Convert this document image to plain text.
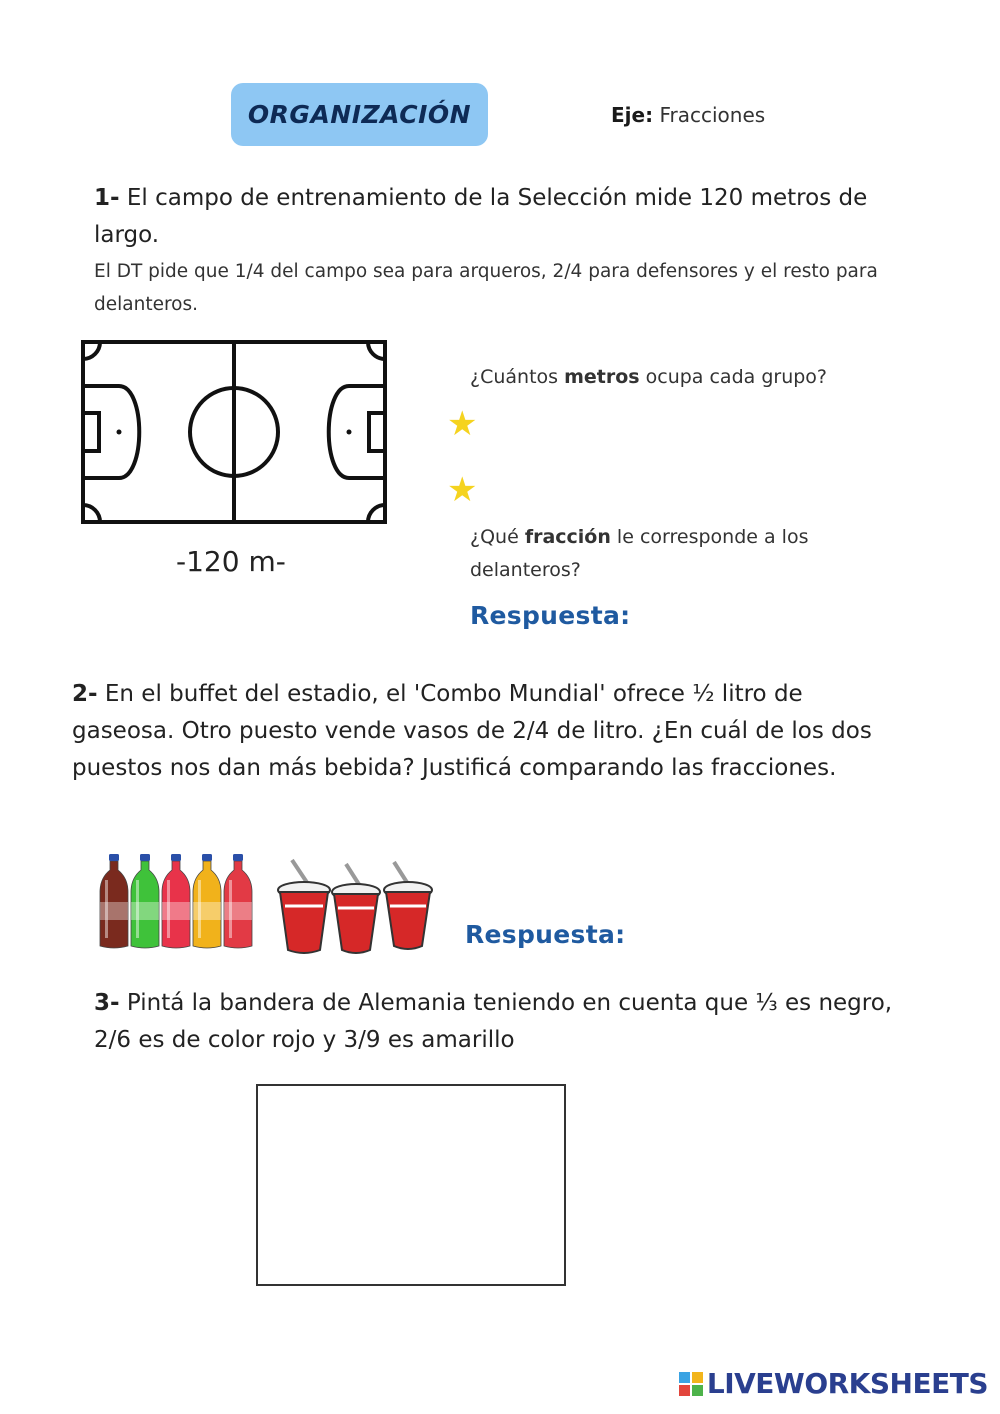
ORGANIZACIÓN	Eje: Fracciones
1- El campo de entrenamiento de la Selección mide 120 metros de largo.
El DT pide que 1/4 del campo sea para arqueros, 2/4 para defensores y el resto para delanteros.
-120 m-
¿Cuántos metros ocupa cada grupo?
★
★
¿Qué fracción le corresponde a los delanteros?
Respuesta:
2- En el buffet del estadio, el 'Combo Mundial' ofrece ½ litro de gaseosa. Otro puesto vende vasos de 2/4 de litro. ¿En cuál de los dos puestos nos dan más bebida? Justificá comparando las fracciones.
Respuesta:
3- Pintá la bandera de Alemania teniendo en cuenta que ⅓ es negro, 2/6 es de color rojo y 3/9 es amarillo
LIVEWORKSHEETS
